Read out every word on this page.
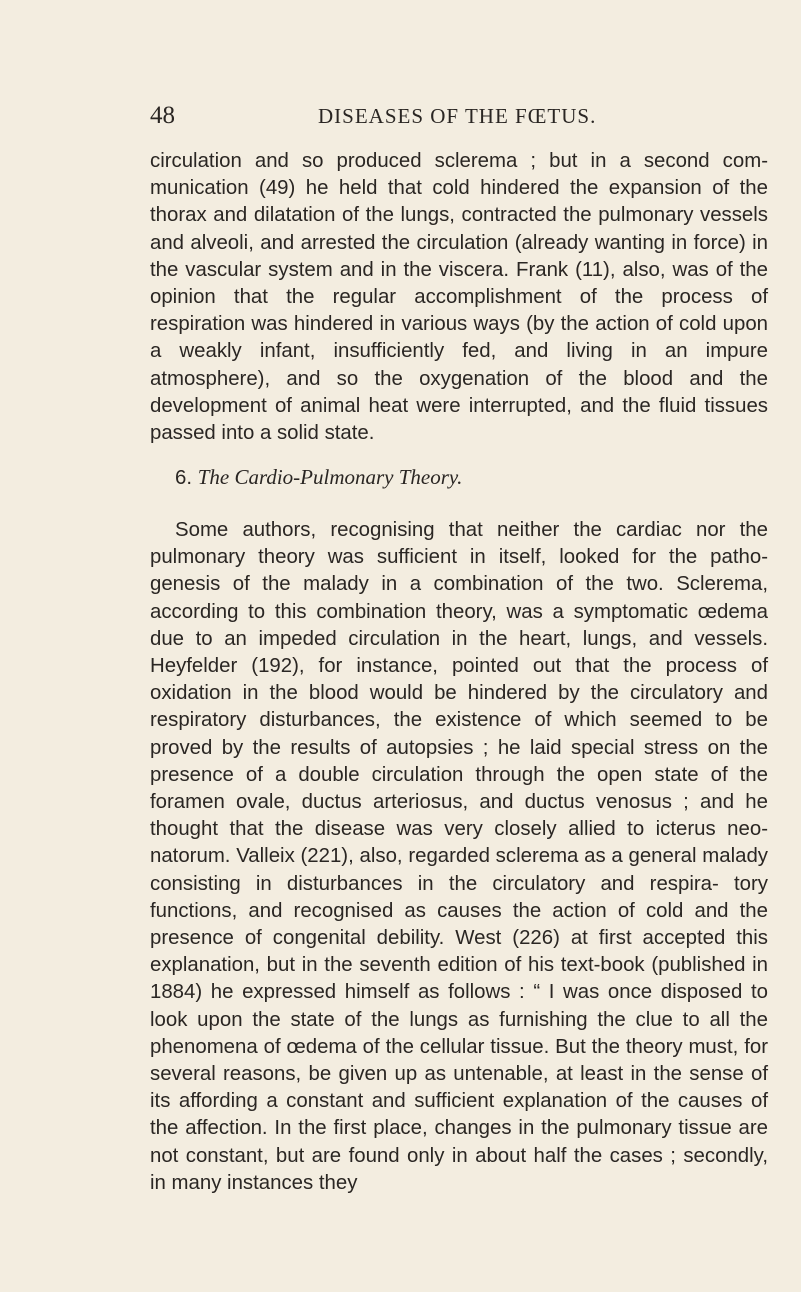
48	DISEASES OF THE FŒTUS.
circulation and so produced sclerema ; but in a second com- munication (49) he held that cold hindered the expansion of the thorax and dilatation of the lungs, contracted the pulmonary vessels and alveoli, and arrested the circulation (already wanting in force) in the vascular system and in the viscera. Frank (11), also, was of the opinion that the regular accomplishment of the process of respiration was hindered in various ways (by the action of cold upon a weakly infant, insufficiently fed, and living in an impure atmosphere), and so the oxygenation of the blood and the development of animal heat were interrupted, and the fluid tissues passed into a solid state.
6. The Cardio-Pulmonary Theory.
Some authors, recognising that neither the cardiac nor the pulmonary theory was sufficient in itself, looked for the patho- genesis of the malady in a combination of the two. Sclerema, according to this combination theory, was a symptomatic œdema due to an impeded circulation in the heart, lungs, and vessels. Heyfelder (192), for instance, pointed out that the process of oxidation in the blood would be hindered by the circulatory and respiratory disturbances, the existence of which seemed to be proved by the results of autopsies ; he laid special stress on the presence of a double circulation through the open state of the foramen ovale, ductus arteriosus, and ductus venosus ; and he thought that the disease was very closely allied to icterus neo- natorum. Valleix (221), also, regarded sclerema as a general malady consisting in disturbances in the circulatory and respira- tory functions, and recognised as causes the action of cold and the presence of congenital debility. West (226) at first accepted this explanation, but in the seventh edition of his text-book (published in 1884) he expressed himself as follows : “ I was once disposed to look upon the state of the lungs as furnishing the clue to all the phenomena of œdema of the cellular tissue. But the theory must, for several reasons, be given up as untenable, at least in the sense of its affording a constant and sufficient explanation of the causes of the affection. In the first place, changes in the pulmonary tissue are not constant, but are found only in about half the cases ; secondly, in many instances they
